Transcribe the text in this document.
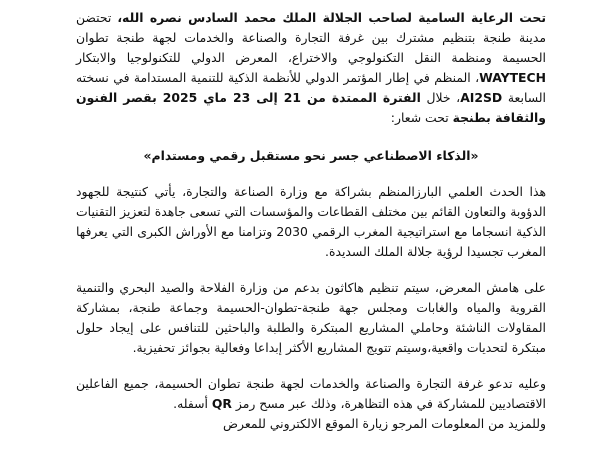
تحت الرعاية السامية لصاحب الجلالة الملك محمد السادس نصره الله، تحتضن مدينة طنجة بتنظيم مشترك بين غرفة التجارة والصناعة والخدمات لجهة طنجة تطوان الحسيمة ومنظمة النقل التكنولوجي والاختراع، المعرض الدولي للتكنولوجيا والابتكار WAYTECH، المنظم في إطار المؤتمر الدولي للأنظمة الذكية للتنمية المستدامة في نسخته السابعة AI2SD، خلال الفترة الممتدة من 21 إلى 23 ماي 2025 بقصر الفنون والثقافة بطنجة تحت شعار:

«الذكاء الاصطناعي جسر نحو مستقبل رقمي ومستدام»

هذا الحدث العلمي البارزالمنظم بشراكة مع وزارة الصناعة والتجارة، يأتي كنتيجة للجهود الدؤوبة والتعاون القائم بين مختلف القطاعات والمؤسسات التي تسعى جاهدة لتعزيز التقنيات الذكية انسجاما مع استراتيجية المغرب الرقمي 2030 وتزامنا مع الأوراش الكبرى التي يعرفها المغرب تجسيدا لرؤية جلالة الملك السديدة.

على هامش المعرض، سيتم تنظيم هاكاثون بدعم من وزارة الفلاحة والصيد البحري والتنمية القروية والمياه والغابات ومجلس جهة طنجة-تطوان-الحسيمة وجماعة طنجة، بمشاركة المقاولات الناشئة وحاملي المشاريع المبتكرة والطلبة والباحثين للتنافس على إيجاد حلول مبتكرة لتحديات واقعية،وسيتم تتويج المشاريع الأكثر إبداعا وفعالية بجوائز تحفيزية.

وعليه تدعو غرفة التجارة والصناعة والخدمات لجهة طنجة تطوان الحسيمة، جميع الفاعلين الاقتصاديين للمشاركة في هذه التظاهرة، وذلك عبر مسح رمز QR أسفله.
وللمزيد من المعلومات المرجو زيارة الموقع الالكتروني للمعرض
